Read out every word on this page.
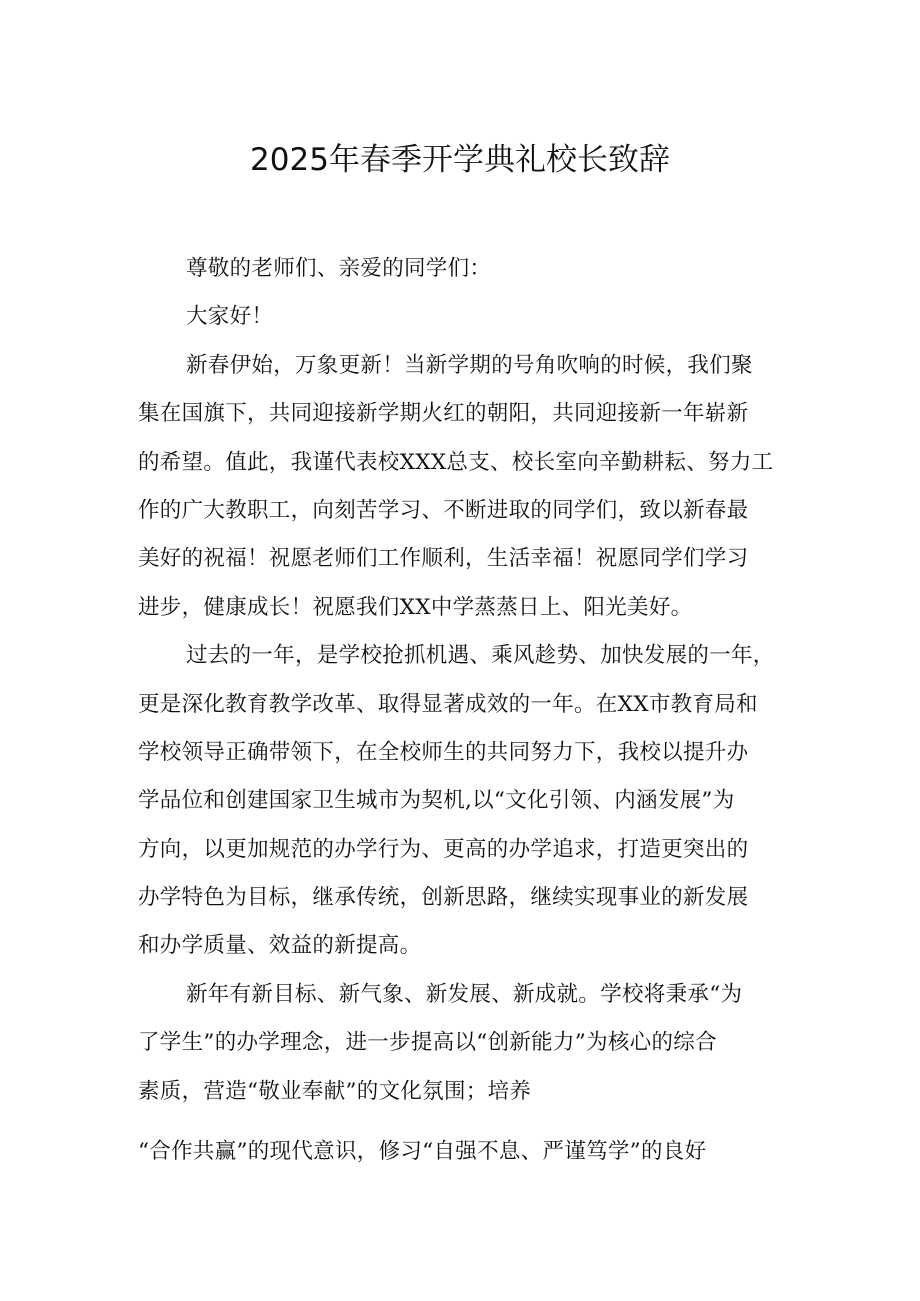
2025年春季开学典礼校长致辞
尊敬的老师们、亲爱的同学们：
大家好！
新春伊始，万象更新！当新学期的号角吹响的时候，我们聚
集在国旗下，共同迎接新学期火红的朝阳，共同迎接新一年崭新
的希望。值此，我谨代表校XXX总支、校长室向辛勤耕耘、努力工
作的广大教职工，向刻苦学习、不断进取的同学们，致以新春最
美好的祝福！祝愿老师们工作顺利，生活幸福！祝愿同学们学习
进步，健康成长！祝愿我们XX中学蒸蒸日上、阳光美好。
过去的一年，是学校抢抓机遇、乘风趁势、加快发展的一年，
更是深化教育教学改革、取得显著成效的一年。在XX市教育局和
学校领导正确带领下，在全校师生的共同努力下，我校以提升办
学品位和创建国家卫生城市为契机,以“文化引领、内涵发展”为
方向，以更加规范的办学行为、更高的办学追求，打造更突出的
办学特色为目标，继承传统，创新思路，继续实现事业的新发展
和办学质量、效益的新提高。
新年有新目标、新气象、新发展、新成就。学校将秉承“为
了学生”的办学理念，进一步提高以“创新能力”为核心的综合
素质，营造“敬业奉献”的文化氛围；培养
“合作共赢”的现代意识，修习“自强不息、严谨笃学”的良好
